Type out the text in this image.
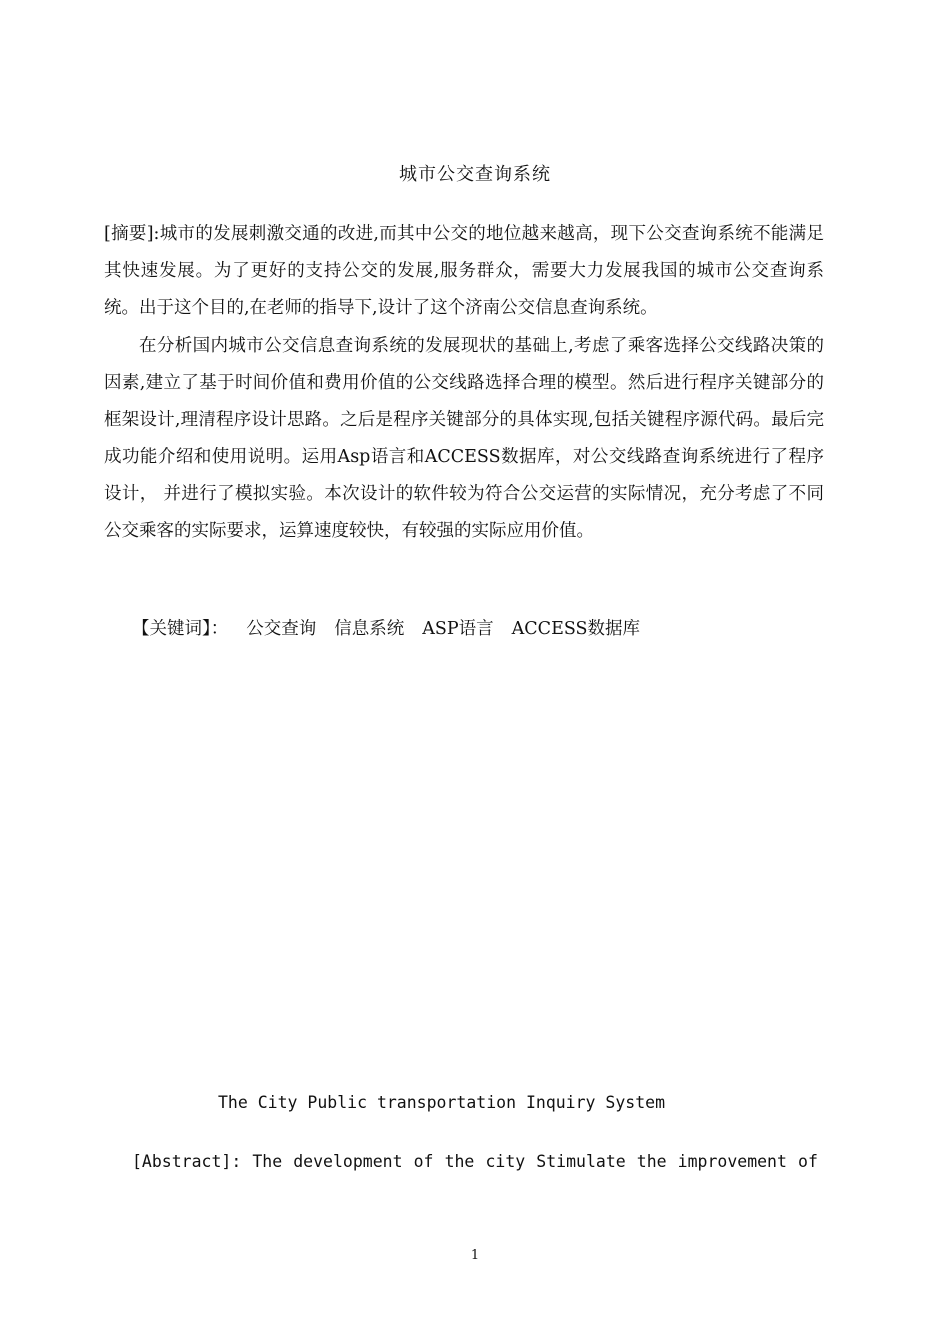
城市公交查询系统
[摘要]:城市的发展刺激交通的改进,而其中公交的地位越来越高，现下公交查询系统不能满足其快速发展。为了更好的支持公交的发展,服务群众，需要大力发展我国的城市公交查询系统。出于这个目的,在老师的指导下,设计了这个济南公交信息查询系统。
在分析国内城市公交信息查询系统的发展现状的基础上,考虑了乘客选择公交线路决策的因素,建立了基于时间价值和费用价值的公交线路选择合理的模型。然后进行程序关键部分的框架设计,理清程序设计思路。之后是程序关键部分的具体实现,包括关键程序源代码。最后完成功能介绍和使用说明。运用Asp语言和ACCESS数据库，对公交线路查询系统进行了程序设计， 并进行了模拟实验。本次设计的软件较为符合公交运营的实际情况，充分考虑了不同公交乘客的实际要求，运算速度较快，有较强的实际应用价值。
【关键词】： 公交查询 信息系统 ASP语言 ACCESS数据库
The City Public transportation Inquiry System
[Abstract]: The development of the city Stimulate the improvement of
1
